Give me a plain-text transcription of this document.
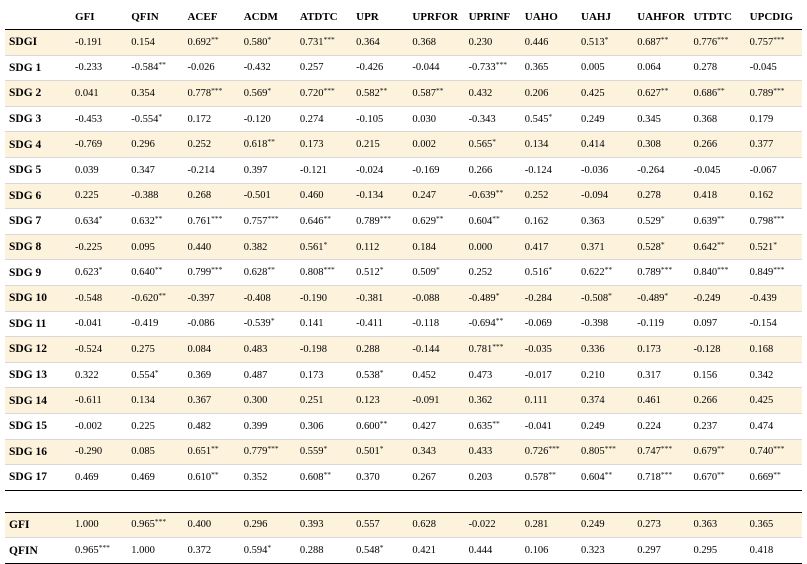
	GFI	QFIN	ACEF	ACDM	ATDTC	UPR	UPRFOR	UPRINF	UAHO	UAHJ	UAHFOR	UTDTC	UPCDIG
SDGI	-0.191	0.154	0.692**	0.580*	0.731***	0.364	0.368	0.230	0.446	0.513*	0.687**	0.776***	0.757***
SDG 1	-0.233	-0.584**	-0.026	-0.432	0.257	-0.426	-0.044	-0.733***	0.365	0.005	0.064	0.278	-0.045
SDG 2	0.041	0.354	0.778***	0.569*	0.720***	0.582**	0.587**	0.432	0.206	0.425	0.627**	0.686**	0.789***
SDG 3	-0.453	-0.554*	0.172	-0.120	0.274	-0.105	0.030	-0.343	0.545*	0.249	0.345	0.368	0.179
SDG 4	-0.769	0.296	0.252	0.618**	0.173	0.215	0.002	0.565*	0.134	0.414	0.308	0.266	0.377
SDG 5	0.039	0.347	-0.214	0.397	-0.121	-0.024	-0.169	0.266	-0.124	-0.036	-0.264	-0.045	-0.067
SDG 6	0.225	-0.388	0.268	-0.501	0.460	-0.134	0.247	-0.639**	0.252	-0.094	0.278	0.418	0.162
SDG 7	0.634*	0.632**	0.761***	0.757***	0.646**	0.789***	0.629**	0.604**	0.162	0.363	0.529*	0.639**	0.798***
SDG 8	-0.225	0.095	0.440	0.382	0.561*	0.112	0.184	0.000	0.417	0.371	0.528*	0.642**	0.521*
SDG 9	0.623*	0.640**	0.799***	0.628**	0.808***	0.512*	0.509*	0.252	0.516*	0.622**	0.789***	0.840***	0.849***
SDG 10	-0.548	-0.620**	-0.397	-0.408	-0.190	-0.381	-0.088	-0.489*	-0.284	-0.508*	-0.489*	-0.249	-0.439
SDG 11	-0.041	-0.419	-0.086	-0.539*	0.141	-0.411	-0.118	-0.694**	-0.069	-0.398	-0.119	0.097	-0.154
SDG 12	-0.524	0.275	0.084	0.483	-0.198	0.288	-0.144	0.781***	-0.035	0.336	0.173	-0.128	0.168
SDG 13	0.322	0.554*	0.369	0.487	0.173	0.538*	0.452	0.473	-0.017	0.210	0.317	0.156	0.342
SDG 14	-0.611	0.134	0.367	0.300	0.251	0.123	-0.091	0.362	0.111	0.374	0.461	0.266	0.425
SDG 15	-0.002	0.225	0.482	0.399	0.306	0.600**	0.427	0.635**	-0.041	0.249	0.224	0.237	0.474
SDG 16	-0.290	0.085	0.651**	0.779***	0.559*	0.501*	0.343	0.433	0.726***	0.805***	0.747***	0.679**	0.740***
SDG 17	0.469	0.469	0.610**	0.352	0.608**	0.370	0.267	0.203	0.578**	0.604**	0.718***	0.670**	0.669**
GFI	1.000	0.965***	0.400	0.296	0.393	0.557	0.628	-0.022	0.281	0.249	0.273	0.363	0.365
QFIN	0.965***	1.000	0.372	0.594*	0.288	0.548*	0.421	0.444	0.106	0.323	0.297	0.295	0.418
